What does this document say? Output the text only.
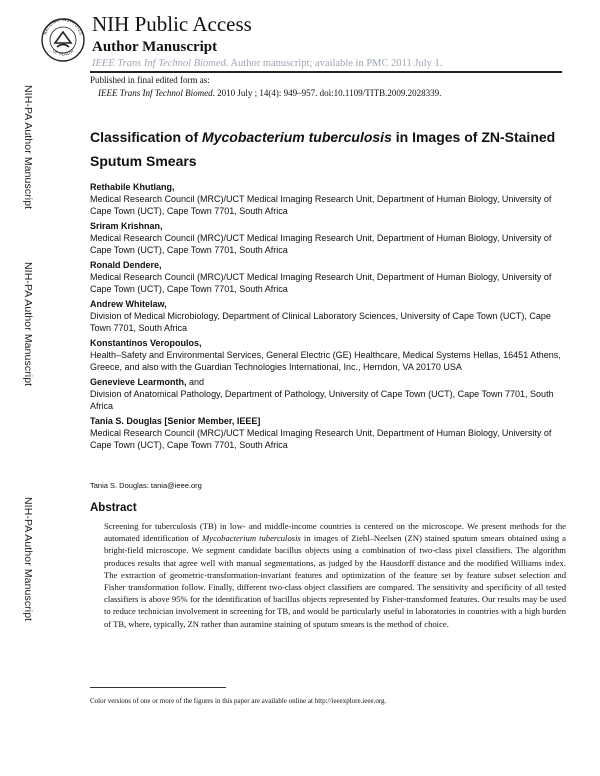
NATIONAL INSTITUTES
OF HEALTH
NIH Public Access
Author Manuscript
IEEE Trans Inf Technol Biomed. Author manuscript; available in PMC 2011 July 1.
Published in final edited form as:
IEEE Trans Inf Technol Biomed. 2010 July ; 14(4): 949–957. doi:10.1109/TITB.2009.2028339.
NIH-PA Author Manuscript
NIH-PA Author Manuscript
NIH-PA Author Manuscript
Classification of Mycobacterium tuberculosis in Images of ZN-Stained Sputum Smears
Rethabile Khutlang,
Medical Research Council (MRC)/UCT Medical Imaging Research Unit, Department of Human Biology, University of Cape Town (UCT), Cape Town 7701, South Africa
Sriram Krishnan,
Medical Research Council (MRC)/UCT Medical Imaging Research Unit, Department of Human Biology, University of Cape Town (UCT), Cape Town 7701, South Africa
Ronald Dendere,
Medical Research Council (MRC)/UCT Medical Imaging Research Unit, Department of Human Biology, University of Cape Town (UCT), Cape Town 7701, South Africa
Andrew Whitelaw,
Division of Medical Microbiology, Department of Clinical Laboratory Sciences, University of Cape Town (UCT), Cape Town 7701, South Africa
Konstantinos Veropoulos,
Health–Safety and Environmental Services, General Electric (GE) Healthcare, Medical Systems Hellas, 16451 Athens, Greece, and also with the Guardian Technologies International, Inc., Herndon, VA 20170 USA
Genevieve Learmonth, and
Division of Anatomical Pathology, Department of Pathology, University of Cape Town (UCT), Cape Town 7701, South Africa
Tania S. Douglas [Senior Member, IEEE]
Medical Research Council (MRC)/UCT Medical Imaging Research Unit, Department of Human Biology, University of Cape Town (UCT), Cape Town 7701, South Africa
Tania S. Douglas: tania@ieee.org
Abstract
Screening for tuberculosis (TB) in low- and middle-income countries is centered on the microscope. We present methods for the automated identification of Mycobacterium tuberculosis in images of Ziehl–Neelsen (ZN) stained sputum smears obtained using a bright-field microscope. We segment candidate bacillus objects using a combination of two-class pixel classifiers. The algorithm produces results that agree well with manual segmentations, as judged by the Hausdorff distance and the modified Williams index. The extraction of geometric-transformation-invariant features and optimization of the feature set by feature subset selection and Fisher transformation follow. Finally, different two-class object classifiers are compared. The sensitivity and specificity of all tested classifiers is above 95% for the identification of bacillus objects represented by Fisher-transformed features. Our results may be used to reduce technician involvement in screening for TB, and would be particularly useful in laboratories in countries with a high burden of TB, where, typically, ZN rather than auramine staining of sputum smears is the method of choice.
Color versions of one or more of the figures in this paper are available online at http://ieeexplore.ieee.org.
